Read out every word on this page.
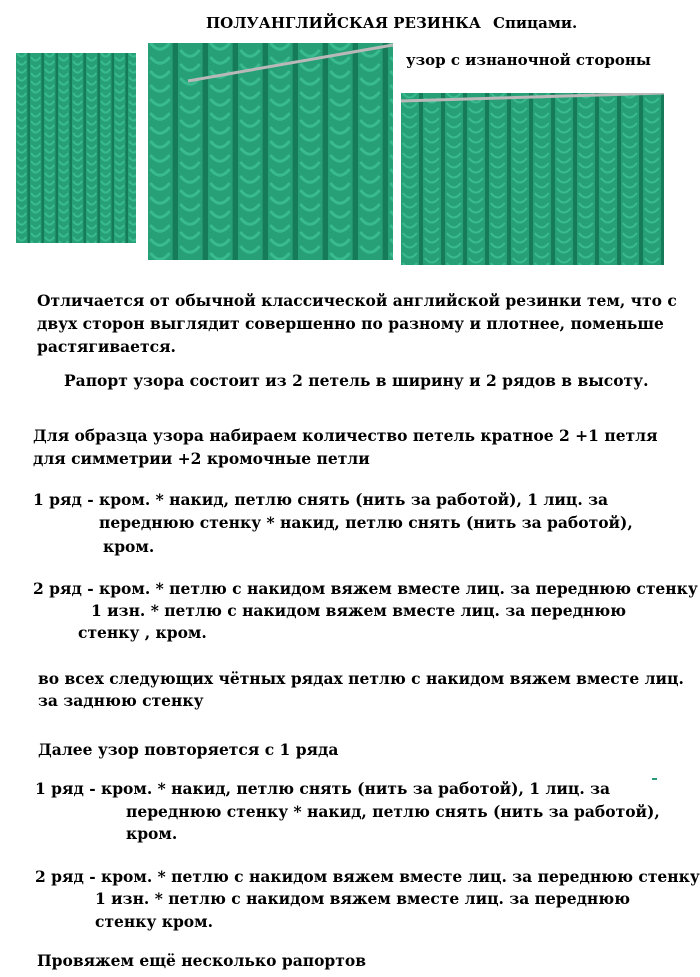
ПОЛУАНГЛИЙСКАЯ РЕЗИНКА Спицами.
узор с изнаночной стороны
Отличается от обычной классической английской резинки тем, что с
двух сторон выглядит совершенно по разному и плотнее, поменьше
растягивается.
Рапорт узора состоит из 2 петель в ширину и 2 рядов в высоту.
Для образца узора набираем количество петель кратное 2 +1 петля
для симметрии +2 кромочные петли
1 ряд - кром. * накид, петлю снять (нить за работой), 1 лиц. за
переднюю стенку * накид, петлю снять (нить за работой),
кром.
2 ряд - кром. * петлю с накидом вяжем вместе лиц. за переднюю стенку
1 изн. * петлю с накидом вяжем вместе лиц. за переднюю
стенку , кром.
во всех следующих чётных рядах петлю с накидом вяжем вместе лиц.
за заднюю стенку
Далее узор повторяется с 1 ряда
1 ряд - кром. * накид, петлю снять (нить за работой), 1 лиц. за
переднюю стенку * накид, петлю снять (нить за работой),
кром.
2 ряд - кром. * петлю с накидом вяжем вместе лиц. за переднюю стенку
1 изн. * петлю с накидом вяжем вместе лиц. за переднюю
стенку кром.
Провяжем ещё несколько рапортов
